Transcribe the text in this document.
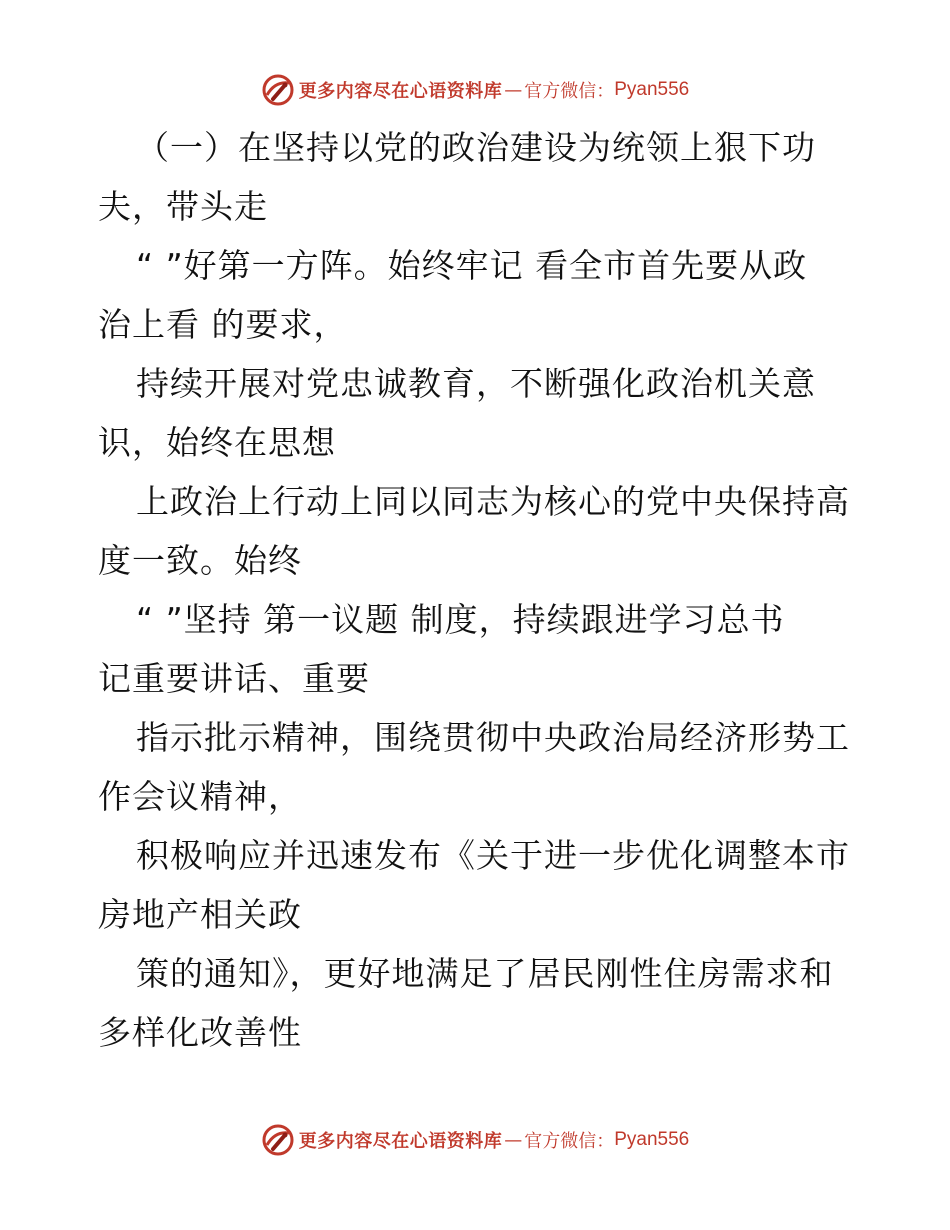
更多内容尽在心语资料库 — 官方微信： Pyan556
（一）在坚持以党的政治建设为统领上狠下功
夫，带头走
“ ”好第一方阵。始终牢记 看全市首先要从政
治上看 的要求，
持续开展对党忠诚教育，不断强化政治机关意
识，始终在思想
上政治上行动上同以同志为核心的党中央保持高
度一致。始终
“ ”坚持 第一议题 制度，持续跟进学习总书
记重要讲话、重要
指示批示精神，围绕贯彻中央政治局经济形势工
作会议精神，
积极响应并迅速发布《关于进一步优化调整本市
房地产相关政
策的通知》，更好地满足了居民刚性住房需求和
多样化改善性
更多内容尽在心语资料库 — 官方微信： Pyan556
